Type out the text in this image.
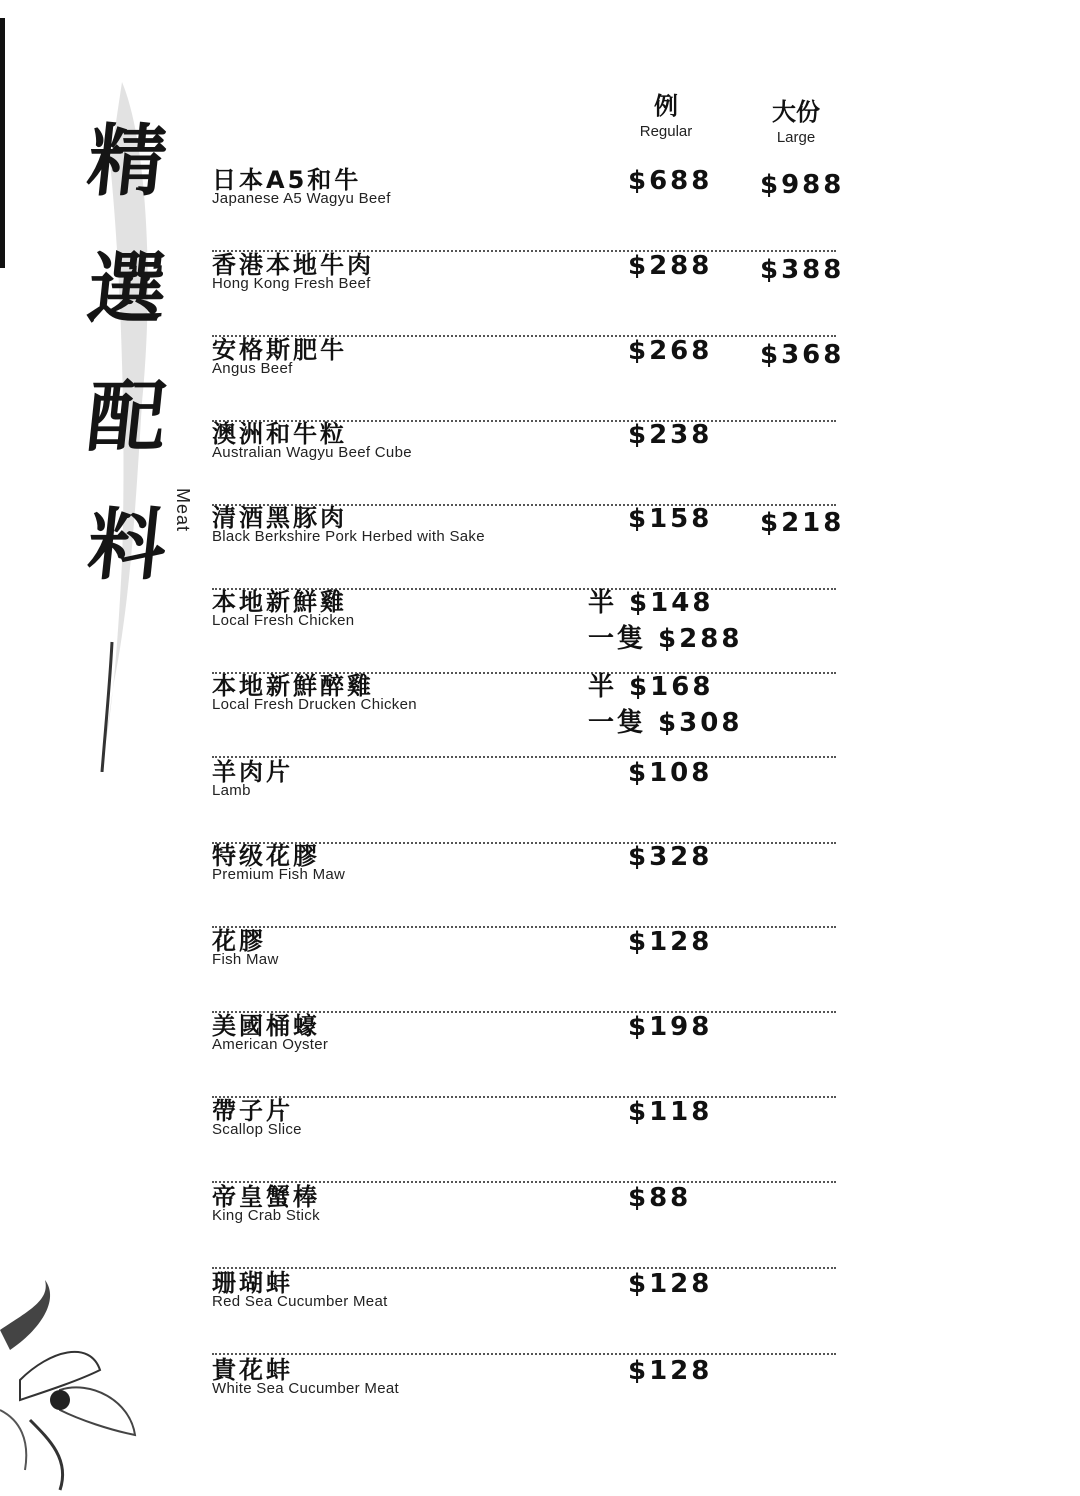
精
選
配
料 Meat
例
Regular
大份
Large
日本A5和牛
Japanese A5 Wagyu Beef
$688 $988
香港本地牛肉
Hong Kong Fresh Beef
$288 $388
安格斯肥牛
Angus Beef
$268 $368
澳洲和牛粒
Australian Wagyu Beef Cube
$238
清酒黑豚肉
Black Berkshire Pork Herbed with Sake
$158 $218
本地新鮮雞
Local Fresh Chicken
半 $148
一隻 $288
本地新鮮醉雞
Local Fresh Drucken Chicken
半 $168
一隻 $308
羊肉片
Lamb
$108
特级花膠
Premium Fish Maw
$328
花膠
Fish Maw
$128
美國桶蠔
American Oyster
$198
帶子片
Scallop Slice
$118
帝皇蟹棒
King Crab Stick
$88
珊瑚蚌
Red Sea Cucumber Meat
$128
貴花蚌
White Sea Cucumber Meat
$128
